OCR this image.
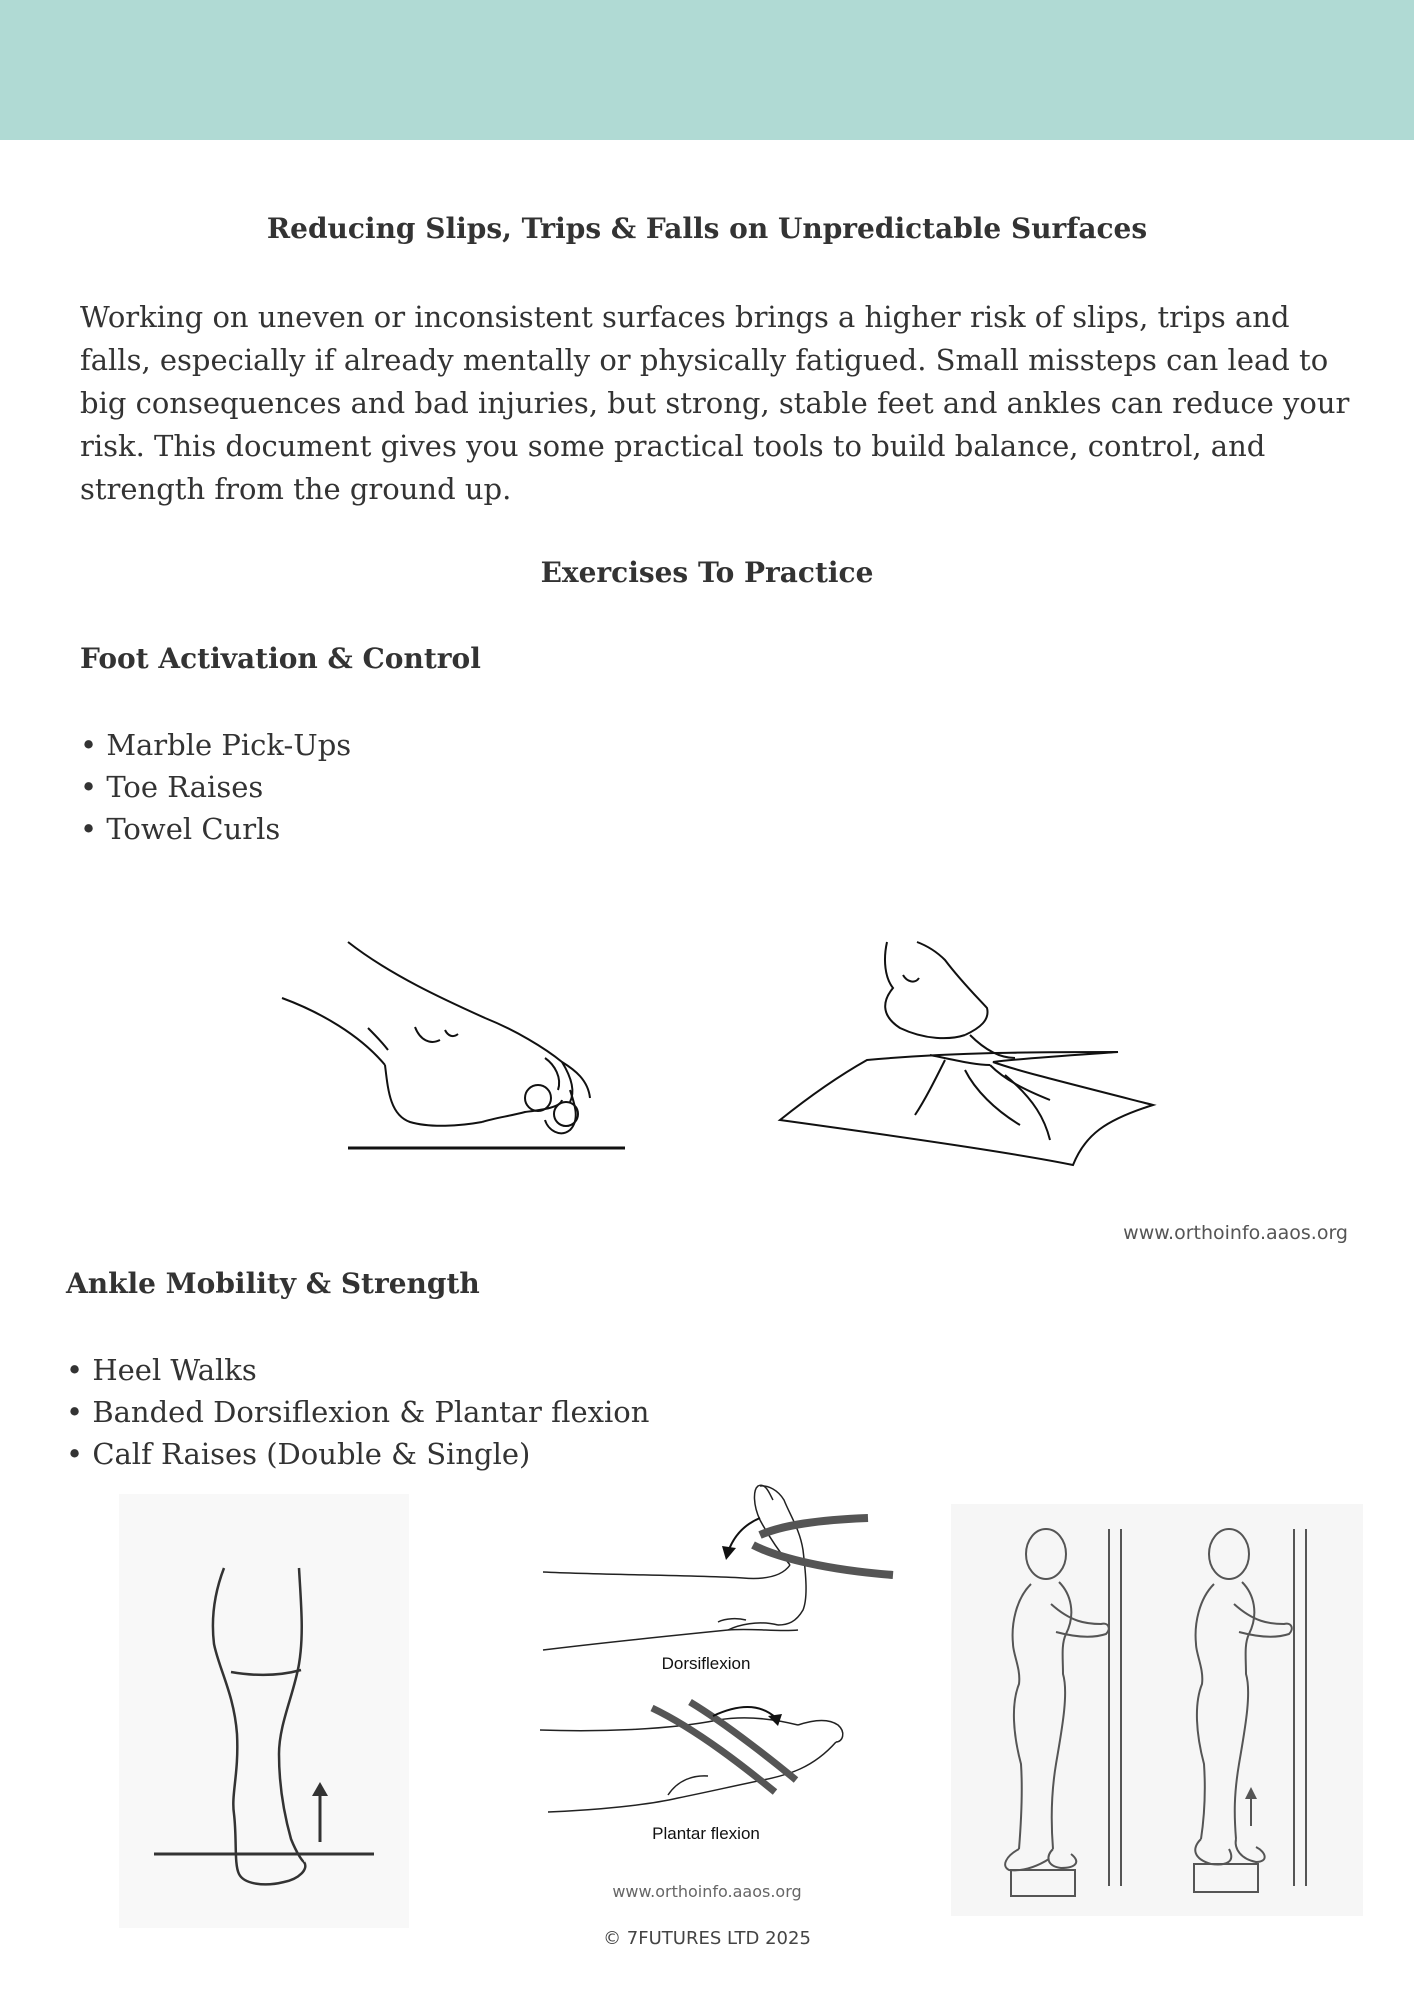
Reducing Slips, Trips & Falls on Unpredictable Surfaces
Working on uneven or inconsistent surfaces brings a higher risk of slips, trips and falls, especially if already mentally or physically fatigued. Small missteps can lead to big consequences and bad injuries, but strong, stable feet and ankles can reduce your risk. This document gives you some practical tools to build balance, control, and strength from the ground up.
Exercises To Practice
Foot Activation & Control
• Marble Pick-Ups
• Toe Raises
• Towel Curls
www.orthoinfo.aaos.org
Ankle Mobility & Strength
• Heel Walks
• Banded Dorsiflexion & Plantar flexion
• Calf Raises (Double & Single)
Dorsiflexion
Plantar flexion
www.orthoinfo.aaos.org
© 7FUTURES LTD 2025
